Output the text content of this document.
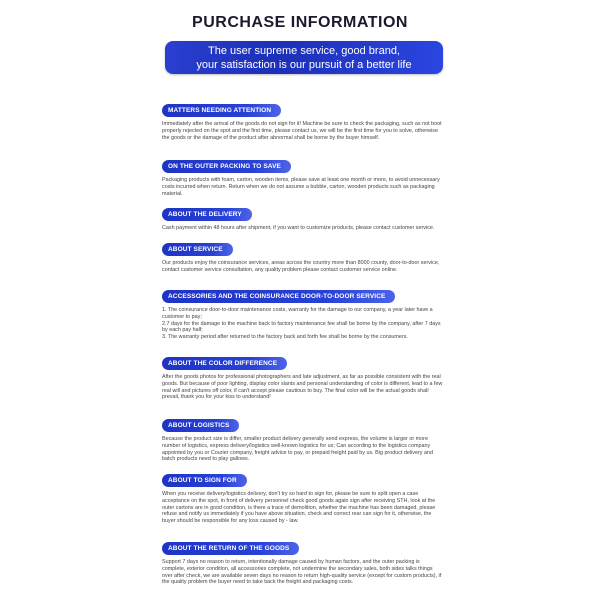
PURCHASE INFORMATION
The user supreme service, good brand,
your satisfaction is our pursuit of a better life
MATTERS NEEDING ATTENTION

Immediately after the arrival of the goods do not sign for it! Machine be sure to check the packaging, such as not boot properly rejected on the spot and the first time, please contact us, we will be the first time for you to solve, otherwise the goods or the damage of the product after abnormal shall be borne by the buyer himself.

ON THE OUTER PACKING TO SAVE

Packaging products with foam, carton, wooden items, please save at least one month or more, to avoid unnecessary costs incurred when return. Return when we do not assume a bubble, carton, wooden products such as packaging material.

ABOUT THE DELIVERY

Cash payment within 48 hours after shipment, if you want to customize products, please contact customer service.

ABOUT SERVICE

Our products enjoy the coinsurance services, areas across the country more than 8000 county, door-to-door service, contact customer service consultation, any quality problem please contact customer service online.

ACCESSORIES AND THE COINSURANCE DOOR-TO-DOOR SERVICE

1. The coinsurance door-to-door maintenance costs, warranty for the damage to our company, a year later have a customer to pay;

2.7 days for the damage to the machine back to factory maintenance fee shall be borne by the company, after 7 days by each pay half;

3. The warranty period after returned to the factory back and forth fee shall be borne by the consumers.

ABOUT THE COLOR DIFFERENCE

After the goods photos for professional photographers and late adjustment, as far as possible consistent with the real goods. But because of poor lighting, display color slants and personal understanding of color is different, lead to a few real will and pictures off color, if can't accept please cautious to buy. The final color will be the actual goods shall prevail, thank you for your kiss to understand!

ABOUT LOGISTICS

Because the product size is differ, smaller product delivery generally send express, the volume is larger or more number of logistics, express delivery/logistics well-known logistics for us; Can according to the logistics company appointed by you or Courier company, freight advice to pay, or prepaid freight paid by us. Big product delivery and batch products need to play gallows.

ABOUT TO SIGN FOR

When you receive delivery/logistics delivery, don't try so hard to sign for, please be sure to split open a case acceptance on the spot, in front of delivery personnel check good goods again sign after receiving STH, look at the outer cartons are in good condition, is there a trace of demolition, whether the machine has been damaged, please refuse and notify us immediately if you have above situation, check and correct rear can sign for it, otherwise, the buyer should be responsible for any loss caused by - law.

ABOUT THE RETURN OF THE GOODS

Support 7 days no reason to return, intentionally damage caused by human factors, and the outer packing is complete, exterior condition, all accessories complete, not undermine the secondary sales, both sides talks things over after check, we are available seven days no reason to return high-quality service (except for custom products), if the quality problem the buyer need to take back the freight and packaging costs.
